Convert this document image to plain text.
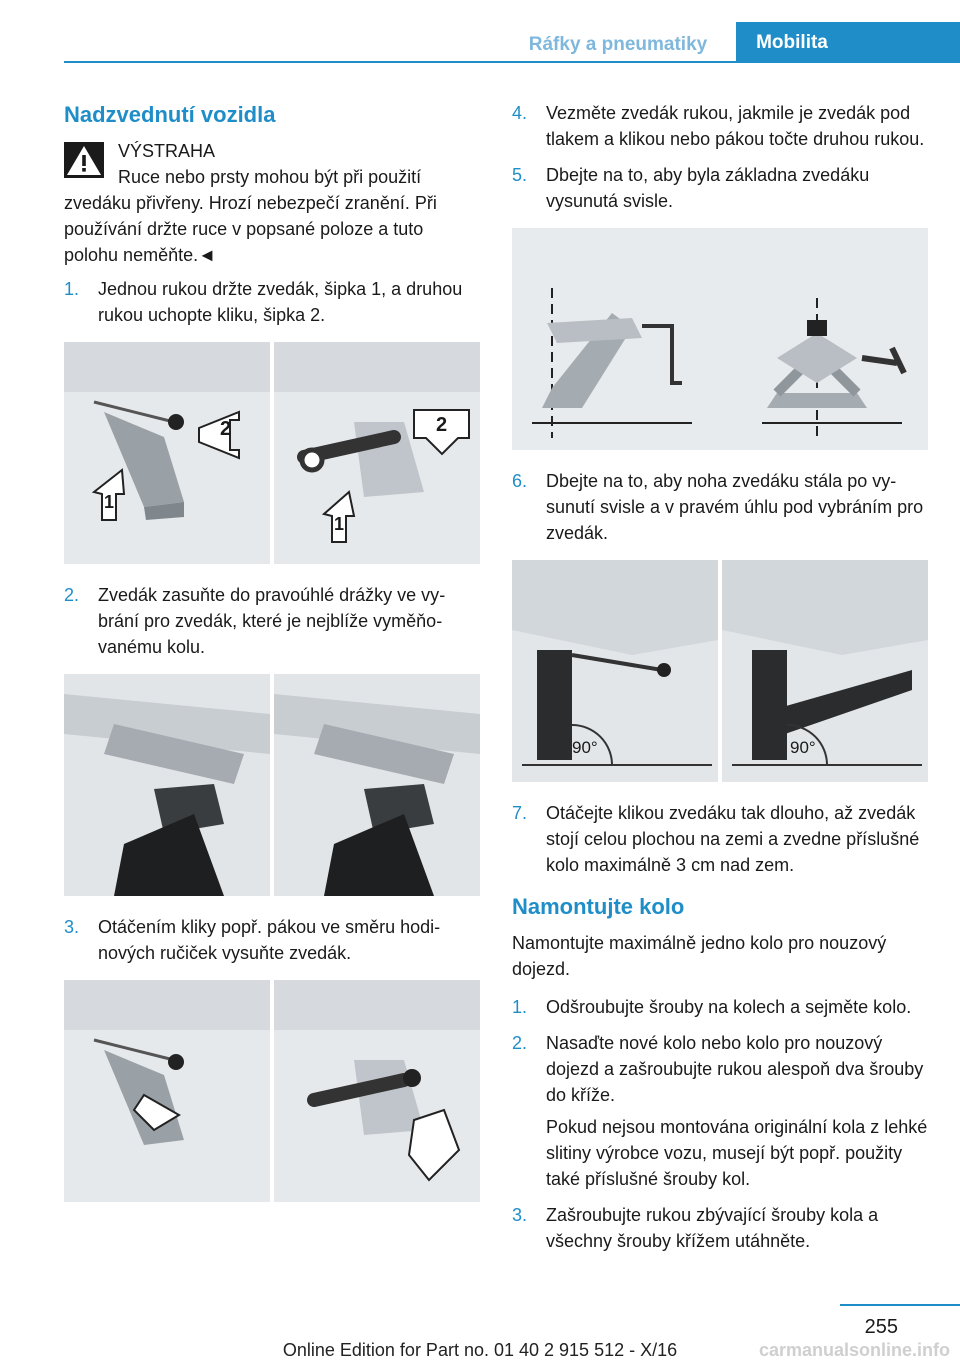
Ráfky a pneumatiky	Mobilita
Nadzvednutí vozidla
VÝSTRAHA
Ruce nebo prsty mohou být při použití
zvedáku přivřeny. Hrozí nebezpečí zranění. Při používání držte ruce v popsané poloze a tuto polohu neměňte.◄
1. Jednou rukou držte zvedák, šipka 1, a druhou rukou uchopte kliku, šipka 2.
2
1
2
1
2. Zvedák zasuňte do pravoúhlé drážky ve vybrání pro zvedák, které je nejblíže vyměňovanému kolu.
3. Otáčením kliky popř. pákou ve směru hodinových ručiček vysuňte zvedák.
4. Vezměte zvedák rukou, jakmile je zvedák pod tlakem a klikou nebo pákou točte druhou rukou.
5. Dbejte na to, aby byla základna zvedáku vysunutá svisle.
6. Dbejte na to, aby noha zvedáku stála po vysunutí svisle a v pravém úhlu pod vybráním pro zvedák.
90°	90°
7. Otáčejte klikou zvedáku tak dlouho, až zvedák stojí celou plochou na zemi a zvedne příslušné kolo maximálně 3 cm nad zem.
Namontujte kolo

Namontujte maximálně jedno kolo pro nouzový dojezd.

1. Odšroubujte šrouby na kolech a sejměte kolo.
2. Nasaďte nové kolo nebo kolo pro nouzový dojezd a zašroubujte rukou alespoň dva šrouby do kříže.
Pokud nejsou montována originální kola z lehké slitiny výrobce vozu, musejí být popř. použity také příslušné šrouby kol.
3. Zašroubujte rukou zbývající šrouby kola a všechny šrouby křížem utáhněte.
255
Online Edition for Part no. 01 40 2 915 512 - X/16	carmanualsonline.info
